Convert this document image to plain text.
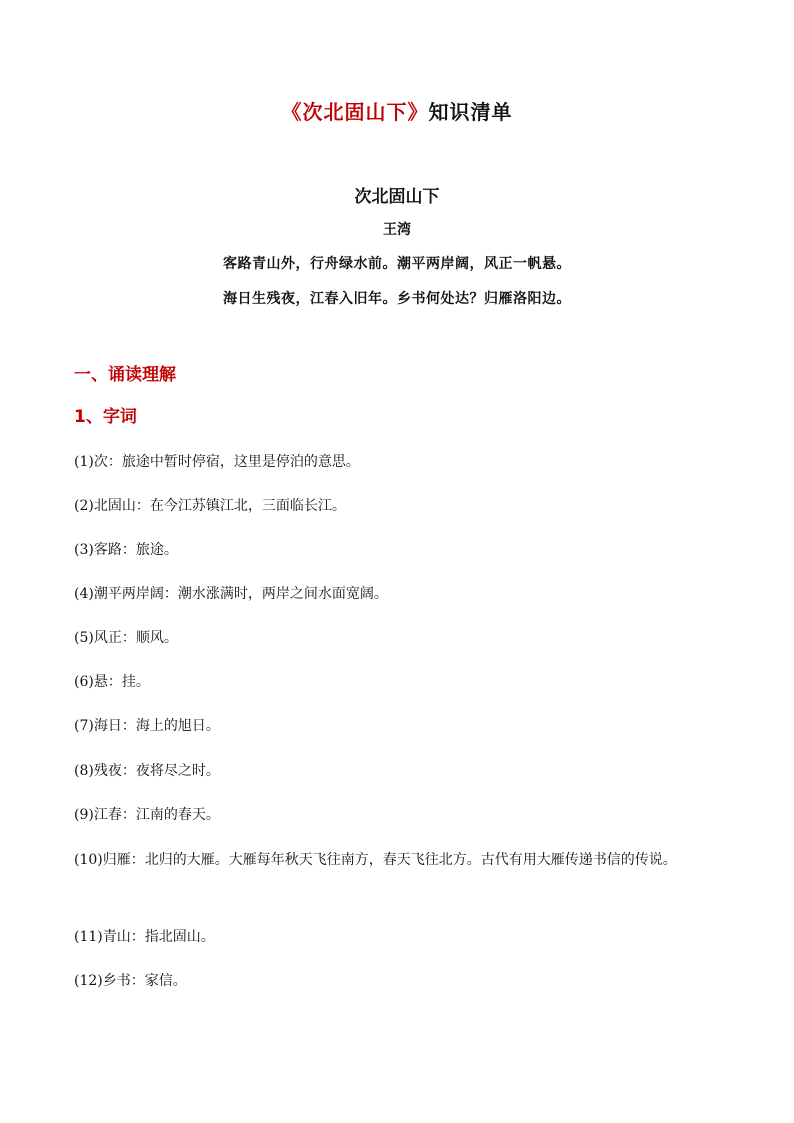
《次北固山下》知识清单
次北固山下
王湾
客路青山外，行舟绿水前。潮平两岸阔，风正一帆悬。
海日生残夜，江春入旧年。乡书何处达？归雁洛阳边。
一、诵读理解
1、字词
(1)次：旅途中暂时停宿，这里是停泊的意思。
(2)北固山：在今江苏镇江北，三面临长江。
(3)客路：旅途。
(4)潮平两岸阔：潮水涨满时，两岸之间水面宽阔。
(5)风正：顺风。
(6)悬：挂。
(7)海日：海上的旭日。
(8)残夜：夜将尽之时。
(9)江春：江南的春天。
(10)归雁：北归的大雁。大雁每年秋天飞往南方，春天飞往北方。古代有用大雁传递书信的传说。
(11)青山：指北固山。
(12)乡书：家信。
